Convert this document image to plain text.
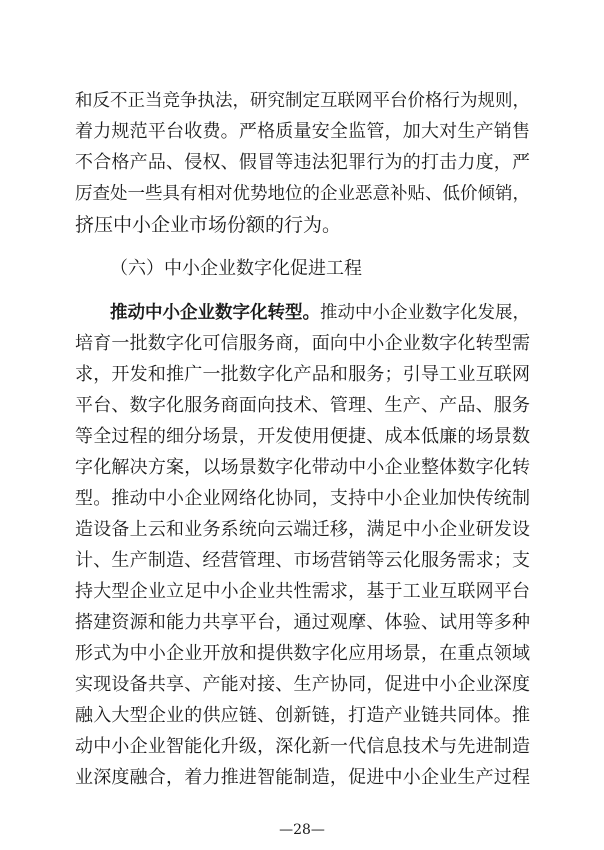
和反不正当竞争执法，研究制定互联网平台价格行为规则，
着力规范平台收费。严格质量安全监管，加大对生产销售
不合格产品、侵权、假冒等违法犯罪行为的打击力度，严
厉查处一些具有相对优势地位的企业恶意补贴、低价倾销，
挤压中小企业市场份额的行为。
（六）中小企业数字化促进工程
推动中小企业数字化转型。推动中小企业数字化发展，
培育一批数字化可信服务商，面向中小企业数字化转型需
求，开发和推广一批数字化产品和服务；引导工业互联网
平台、数字化服务商面向技术、管理、生产、产品、服务
等全过程的细分场景，开发使用便捷、成本低廉的场景数
字化解决方案，以场景数字化带动中小企业整体数字化转
型。推动中小企业网络化协同，支持中小企业加快传统制
造设备上云和业务系统向云端迁移，满足中小企业研发设
计、生产制造、经营管理、市场营销等云化服务需求；支
持大型企业立足中小企业共性需求，基于工业互联网平台
搭建资源和能力共享平台，通过观摩、体验、试用等多种
形式为中小企业开放和提供数字化应用场景，在重点领域
实现设备共享、产能对接、生产协同，促进中小企业深度
融入大型企业的供应链、创新链，打造产业链共同体。推
动中小企业智能化升级，深化新一代信息技术与先进制造
业深度融合，着力推进智能制造，促进中小企业生产过程
—28—
